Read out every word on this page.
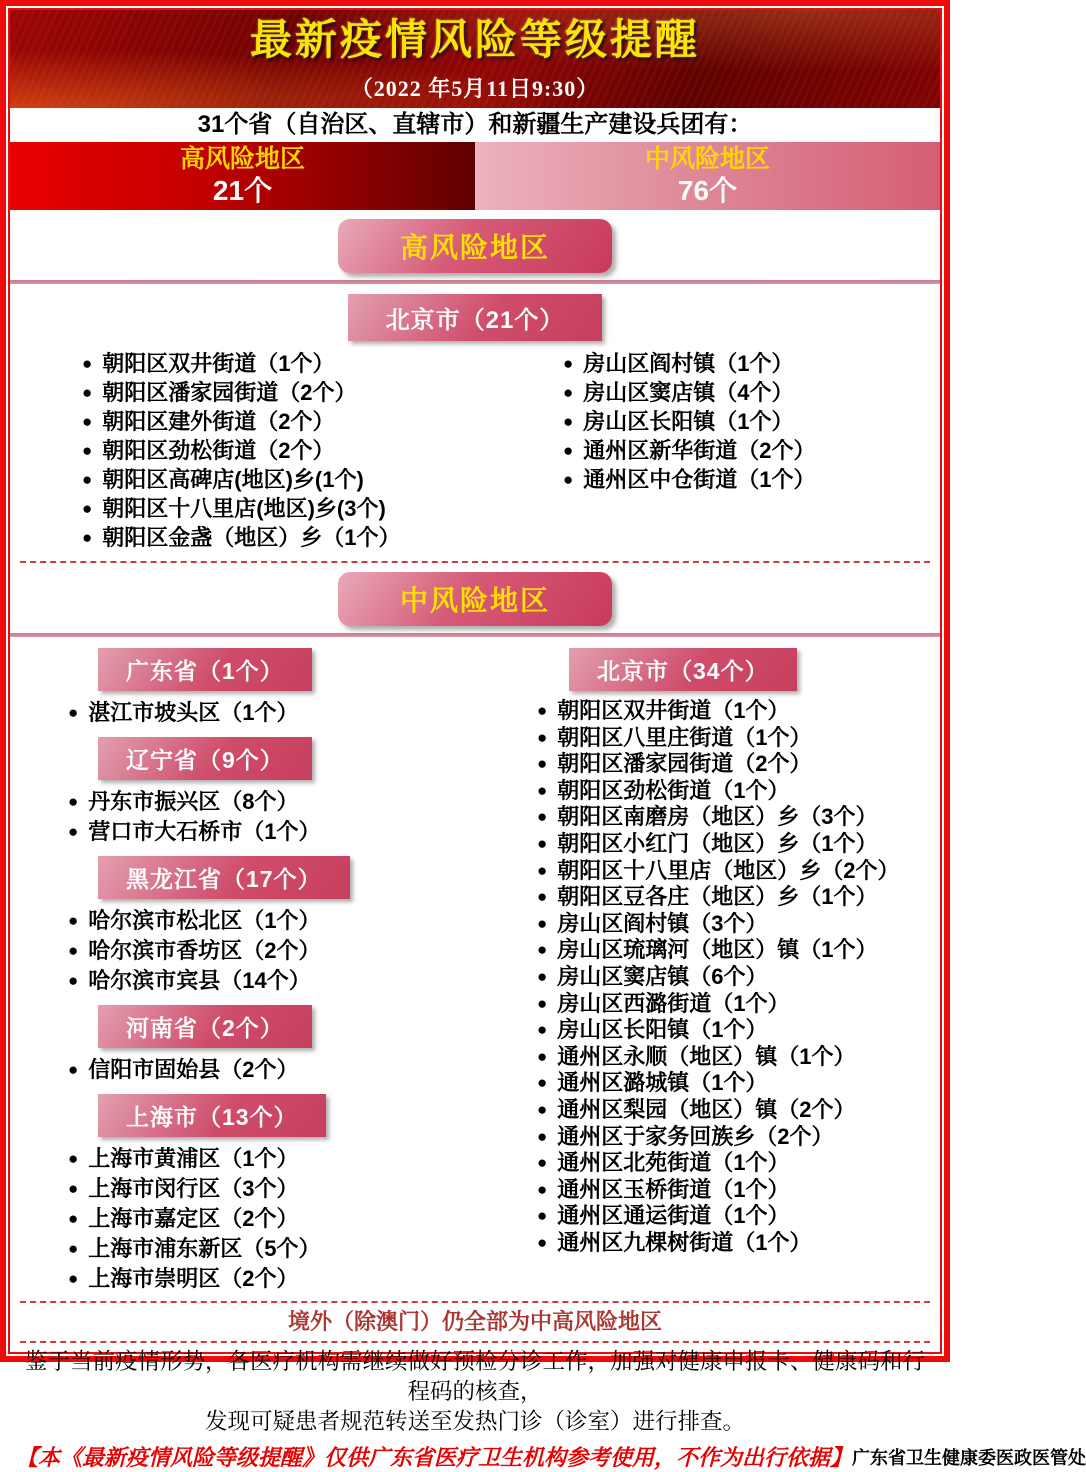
最新疫情风险等级提醒
（2022 年5月11日9:30）
31个省（自治区、直辖市）和新疆生产建设兵团有：
高风险地区
21个
中风险地区
76个
高风险地区
北京市（21个）
● 朝阳区双井街道（1个）
● 朝阳区潘家园街道（2个）
● 朝阳区建外街道（2个）
● 朝阳区劲松街道（2个）
● 朝阳区高碑店(地区)乡(1个)
● 朝阳区十八里店(地区)乡(3个)
● 朝阳区金盏（地区）乡（1个）
● 房山区阎村镇（1个）
● 房山区窦店镇（4个）
● 房山区长阳镇（1个）
● 通州区新华街道（2个）
● 通州区中仓街道（1个）
中风险地区
广东省（1个）
● 湛江市坡头区（1个）
辽宁省（9个）
● 丹东市振兴区（8个）
● 营口市大石桥市（1个）
黑龙江省（17个）
● 哈尔滨市松北区（1个）
● 哈尔滨市香坊区（2个）
● 哈尔滨市宾县（14个）
河南省（2个）
● 信阳市固始县（2个）
上海市（13个）
● 上海市黄浦区（1个）
● 上海市闵行区（3个）
● 上海市嘉定区（2个）
● 上海市浦东新区（5个）
● 上海市崇明区（2个）
北京市（34个）
● 朝阳区双井街道（1个）
● 朝阳区八里庄街道（1个）
● 朝阳区潘家园街道（2个）
● 朝阳区劲松街道（1个）
● 朝阳区南磨房（地区）乡（3个）
● 朝阳区小红门（地区）乡（1个）
● 朝阳区十八里店（地区）乡（2个）
● 朝阳区豆各庄（地区）乡（1个）
● 房山区阎村镇（3个）
● 房山区琉璃河（地区）镇（1个）
● 房山区窦店镇（6个）
● 房山区西潞街道（1个）
● 房山区长阳镇（1个）
● 通州区永顺（地区）镇（1个）
● 通州区潞城镇（1个）
● 通州区梨园（地区）镇（2个）
● 通州区于家务回族乡（2个）
● 通州区北苑街道（1个）
● 通州区玉桥街道（1个）
● 通州区通运街道（1个）
● 通州区九棵树街道（1个）
境外（除澳门）仍全部为中高风险地区
鉴于当前疫情形势，各医疗机构需继续做好预检分诊工作，加强对健康申报卡、健康码和行程码的核查，
发现可疑患者规范转送至发热门诊（诊室）进行排查。
【本《最新疫情风险等级提醒》仅供广东省医疗卫生机构参考使用，不作为出行依据】 广东省卫生健康委医政医管处
